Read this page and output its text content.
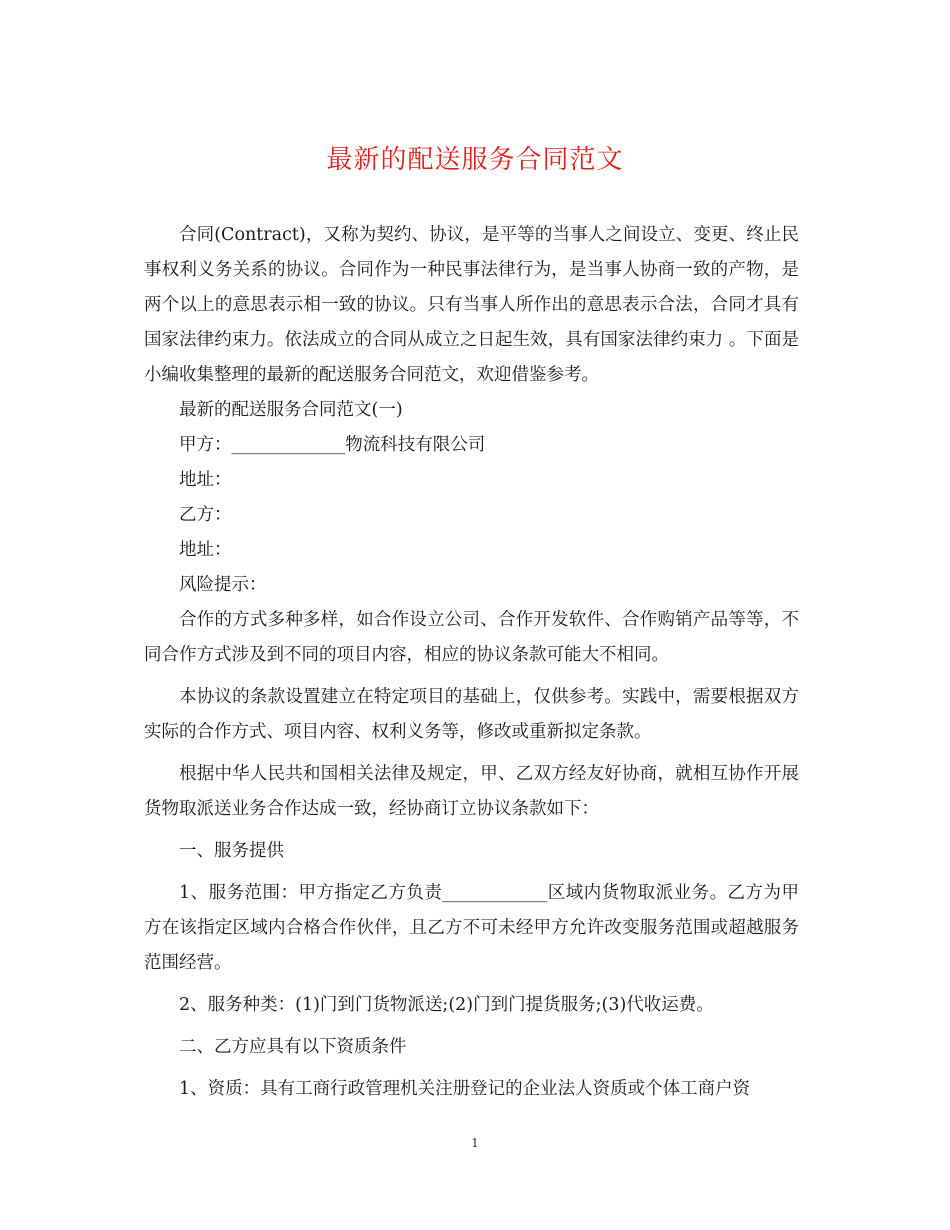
最新的配送服务合同范文

合同(Contract)，又称为契约、协议，是平等的当事人之间设立、变更、终止民事权利义务关系的协议。合同作为一种民事法律行为，是当事人协商一致的产物，是两个以上的意思表示相一致的协议。只有当事人所作出的意思表示合法，合同才具有国家法律约束力。依法成立的合同从成立之日起生效，具有国家法律约束力 。下面是小编收集整理的最新的配送服务合同范文，欢迎借鉴参考。

最新的配送服务合同范文(一)

甲方：_____________物流科技有限公司

地址：

乙方：

地址：

风险提示：

合作的方式多种多样，如合作设立公司、合作开发软件、合作购销产品等等，不同合作方式涉及到不同的项目内容，相应的协议条款可能大不相同。

本协议的条款设置建立在特定项目的基础上，仅供参考。实践中，需要根据双方实际的合作方式、项目内容、权利义务等，修改或重新拟定条款。

根据中华人民共和国相关法律及规定，甲、乙双方经友好协商，就相互协作开展货物取派送业务合作达成一致，经协商订立协议条款如下：

一、服务提供

1、服务范围：甲方指定乙方负责____________区域内货物取派业务。乙方为甲方在该指定区域内合格合作伙伴，且乙方不可未经甲方允许改变服务范围或超越服务范围经营。

2、服务种类：(1)门到门货物派送;(2)门到门提货服务;(3)代收运费。

二、乙方应具有以下资质条件

1、资质：具有工商行政管理机关注册登记的企业法人资质或个体工商户资

1
